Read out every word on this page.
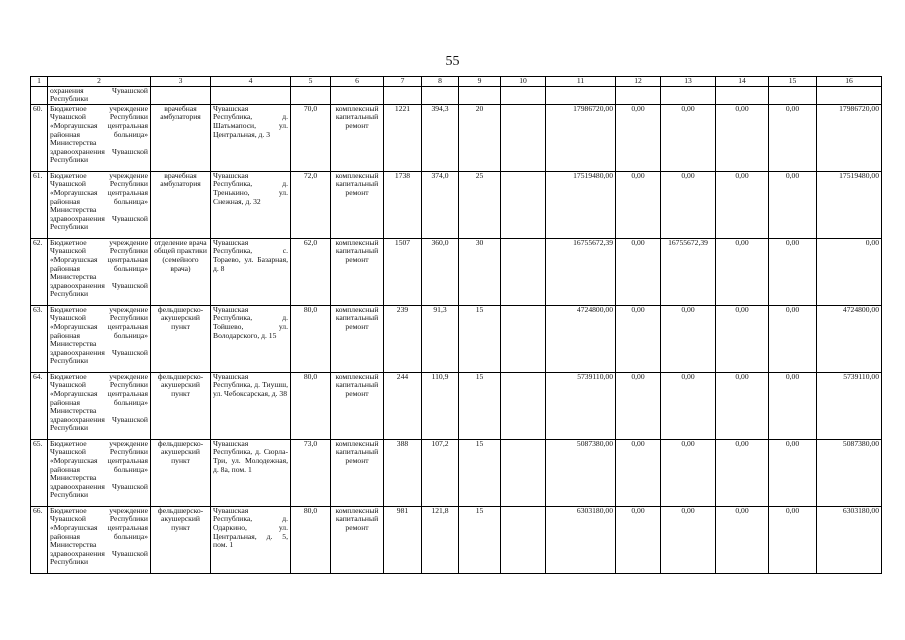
55
1	2	3	4	5	6	7	8	9	10	11	12	13	14	15	16
	охранения Чувашской Республики														
60.	Бюджетное учреждение Чувашской Республики «Моргаушская центральная районная больница» Министерства здравоохранения Чувашской Республики	врачебная амбулатория	Чувашская Республика, д. Шатьмапоси, ул. Центральная, д. 3	70,0	комплексный капитальный ремонт	1221	394,3	20		17986720,00	0,00	0,00	0,00	0,00	17986720,00
61.	Бюджетное учреждение Чувашской Республики «Моргаушская центральная районная больница» Министерства здравоохранения Чувашской Республики	врачебная амбулатория	Чувашская Республика, д. Тренькино, ул. Снежная, д. 32	72,0	комплексный капитальный ремонт	1738	374,0	25		17519480,00	0,00	0,00	0,00	0,00	17519480,00
62.	Бюджетное учреждение Чувашской Республики «Моргаушская центральная районная больница» Министерства здравоохранения Чувашской Республики	отделение врача общей практики (семейного врача)	Чувашская Республика, с. Тораево, ул. Базарная, д. 8	62,0	комплексный капитальный ремонт	1507	360,0	30		16755672,39	0,00	16755672,39	0,00	0,00	0,00
63.	Бюджетное учреждение Чувашской Республики «Моргаушская центральная районная больница» Министерства здравоохранения Чувашской Республики	фельдшерско-акушерский пункт	Чувашская Республика, д. Тойшево, ул. Володарского, д. 15	80,0	комплексный капитальный ремонт	239	91,3	15		4724800,00	0,00	0,00	0,00	0,00	4724800,00
64.	Бюджетное учреждение Чувашской Республики «Моргаушская центральная районная больница» Министерства здравоохранения Чувашской Республики	фельдшерско-акушерский пункт	Чувашская Республика, д. Тиушш, ул. Чебоксарская, д. 38	80,0	комплексный капитальный ремонт	244	110,9	15		5739110,00	0,00	0,00	0,00	0,00	5739110,00
65.	Бюджетное учреждение Чувашской Республики «Моргаушская центральная районная больница» Министерства здравоохранения Чувашской Республики	фельдшерско-акушерский пункт	Чувашская Республика, д. Сюрла-Три, ул. Молодежная, д. 8а, пом. 1	73,0	комплексный капитальный ремонт	388	107,2	15		5087380,00	0,00	0,00	0,00	0,00	5087380,00
66.	Бюджетное учреждение Чувашской Республики «Моргаушская центральная районная больница» Министерства здравоохранения Чувашской Республики	фельдшерско-акушерский пункт	Чувашская Республика, д. Одаркино, ул. Центральная, д. 5, пом. 1	80,0	комплексный капитальный ремонт	981	121,8	15		6303180,00	0,00	0,00	0,00	0,00	6303180,00
